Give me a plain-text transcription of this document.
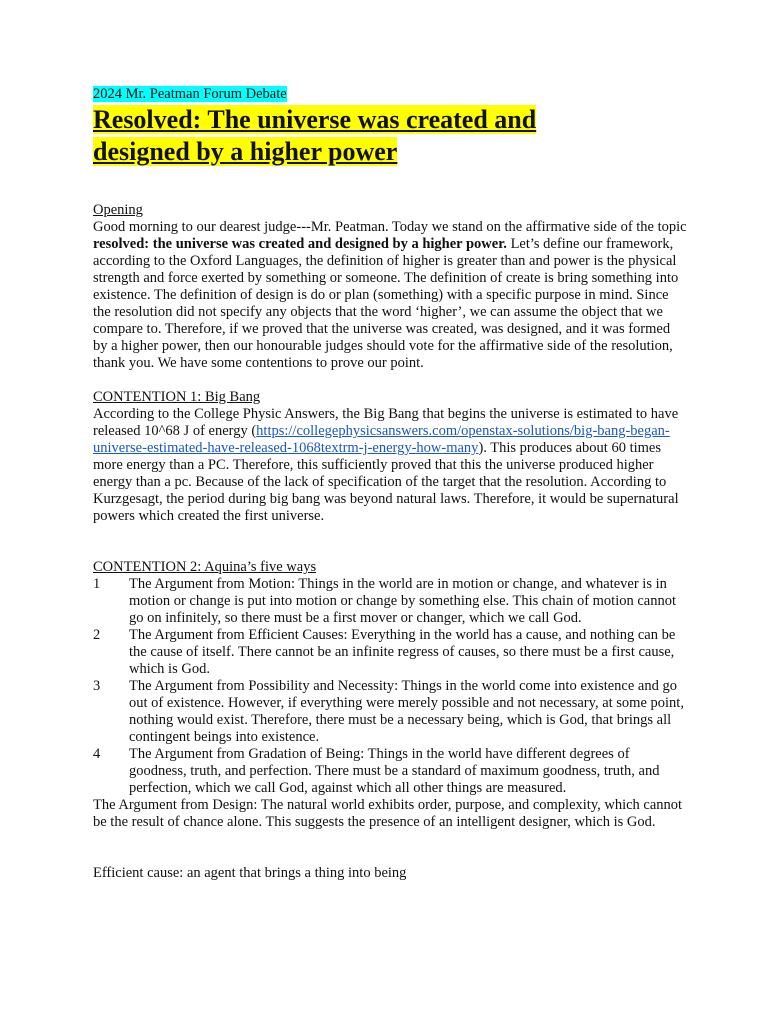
2024 Mr. Peatman Forum Debate
Resolved: The universe was created and
designed by a higher power
Opening

Good morning to our dearest judge---Mr. Peatman. Today we stand on the affirmative side of the topic resolved: the universe was created and designed by a higher power. Let’s define our framework, according to the Oxford Languages, the definition of higher is greater than and power is the physical strength and force exerted by something or someone. The definition of create is bring something into existence. The definition of design is do or plan (something) with a specific purpose in mind. Since the resolution did not specify any objects that the word ‘higher’, we can assume the object that we compare to. Therefore, if we proved that the universe was created, was designed, and it was formed by a higher power, then our honourable judges should vote for the affirmative side of the resolution, thank you. We have some contentions to prove our point.

CONTENTION 1: Big Bang

According to the College Physic Answers, the Big Bang that begins the universe is estimated to have released 10^68 J of energy (https://collegephysicsanswers.com/openstax-solutions/big-bang-began-universe-estimated-have-released-1068textrm-j-energy-how-many). This produces about 60 times more energy than a PC. Therefore, this sufficiently proved that this the universe produced higher energy than a pc. Because of the lack of specification of the target that the resolution. According to Kurzgesagt, the period during big bang was beyond natural laws. Therefore, it would be supernatural powers which created the first universe.

CONTENTION 2: Aquina’s five ways
1	The Argument from Motion: Things in the world are in motion or change, and whatever is in motion or change is put into motion or change by something else. This chain of motion cannot go on infinitely, so there must be a first mover or changer, which we call God.
2	The Argument from Efficient Causes: Everything in the world has a cause, and nothing can be the cause of itself. There cannot be an infinite regress of causes, so there must be a first cause, which is God.
3	The Argument from Possibility and Necessity: Things in the world come into existence and go out of existence. However, if everything were merely possible and not necessary, at some point, nothing would exist. Therefore, there must be a necessary being, which is God, that brings all contingent beings into existence.
4	The Argument from Gradation of Being: Things in the world have different degrees of goodness, truth, and perfection. There must be a standard of maximum goodness, truth, and perfection, which we call God, against which all other things are measured.

The Argument from Design: The natural world exhibits order, purpose, and complexity, which cannot be the result of chance alone. This suggests the presence of an intelligent designer, which is God.

Efficient cause: an agent that brings a thing into being
